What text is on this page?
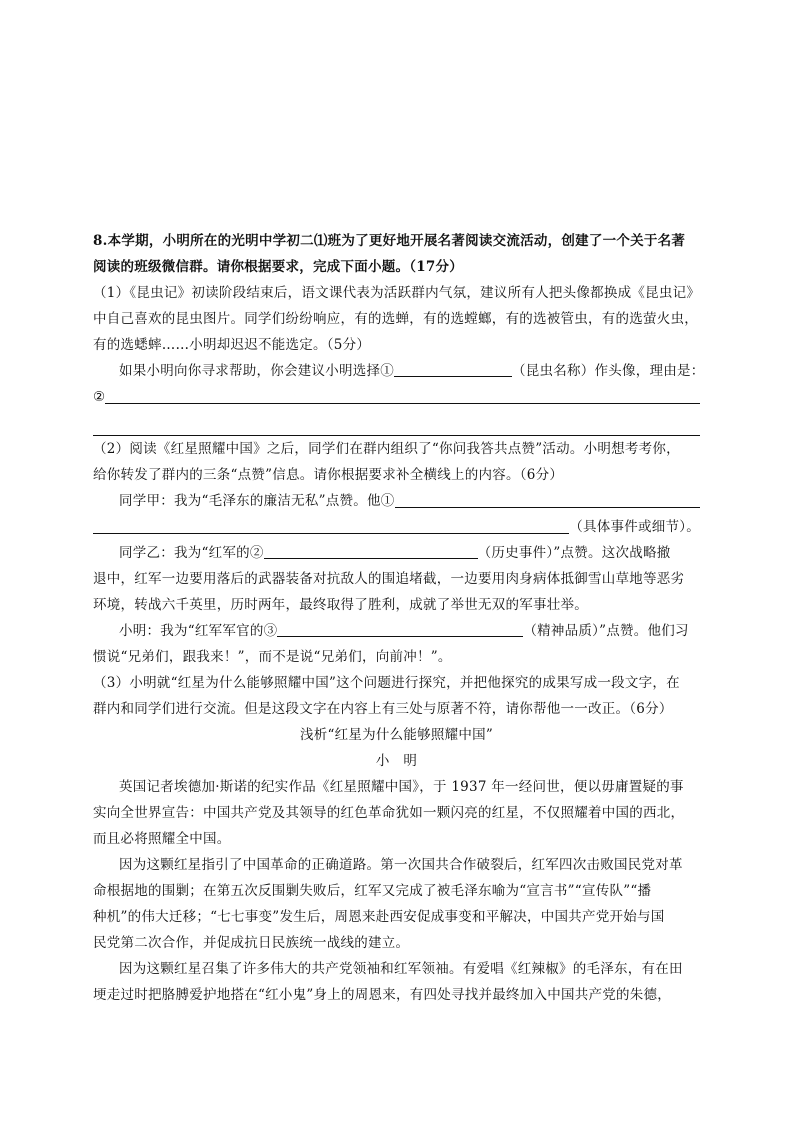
8.本学期，小明所在的光明中学初二⑴班为了更好地开展名著阅读交流活动，创建了一个关于名著
阅读的班级微信群。请你根据要求，完成下面小题。（17分）
（1）《昆虫记》初读阶段结束后，语文课代表为活跃群内气氛，建议所有人把头像都换成《昆虫记》
中自己喜欢的昆虫图片。同学们纷纷响应，有的选蝉，有的选螳螂，有的选被管虫，有的选萤火虫，
有的选蟋蟀……小明却迟迟不能选定。（5分）
如果小明向你寻求帮助，你会建议小明选择①	（昆虫名称）作头像，理由是：
②
（2）阅读《红星照耀中国》之后，同学们在群内组织了“你问我答共点赞”活动。小明想考考你，
给你转发了群内的三条“点赞”信息。请你根据要求补全横线上的内容。（6分）
同学甲：我为“毛泽东的廉洁无私”点赞。他①
（具体事件或细节）。
同学乙：我为“红军的②	（历史事件）”点赞。这次战略撤
退中，红军一边要用落后的武器装备对抗敌人的围追堵截，一边要用肉身病体抵御雪山草地等恶劣
环境，转战六千英里，历时两年，最终取得了胜利，成就了举世无双的军事壮举。
小明：我为“红军军官的③	（精神品质）”点赞。他们习
惯说“兄弟们，跟我来！”，而不是说“兄弟们，向前冲！”。
（3）小明就“红星为什么能够照耀中国”这个问题进行探究，并把他探究的成果写成一段文字，在
群内和同学们进行交流。但是这段文字在内容上有三处与原著不符，请你帮他一一改正。（6分）
浅析“红星为什么能够照耀中国”
小　明
英国记者埃德加·斯诺的纪实作品《红星照耀中国》，于 1937 年一经问世，便以毋庸置疑的事
实向全世界宣告：中国共产党及其领导的红色革命犹如一颗闪亮的红星，不仅照耀着中国的西北，
而且必将照耀全中国。
因为这颗红星指引了中国革命的正确道路。第一次国共合作破裂后，红军四次击败国民党对革
命根据地的围剿；在第五次反围剿失败后，红军又完成了被毛泽东喻为“宣言书”“宣传队”“播
种机”的伟大迁移；“七七事变”发生后，周恩来赴西安促成事变和平解决，中国共产党开始与国
民党第二次合作，并促成抗日民族统一战线的建立。
因为这颗红星召集了许多伟大的共产党领袖和红军领袖。有爱唱《红辣椒》的毛泽东，有在田
埂走过时把胳膊爱护地搭在“红小鬼”身上的周恩来，有四处寻找并最终加入中国共产党的朱德，
